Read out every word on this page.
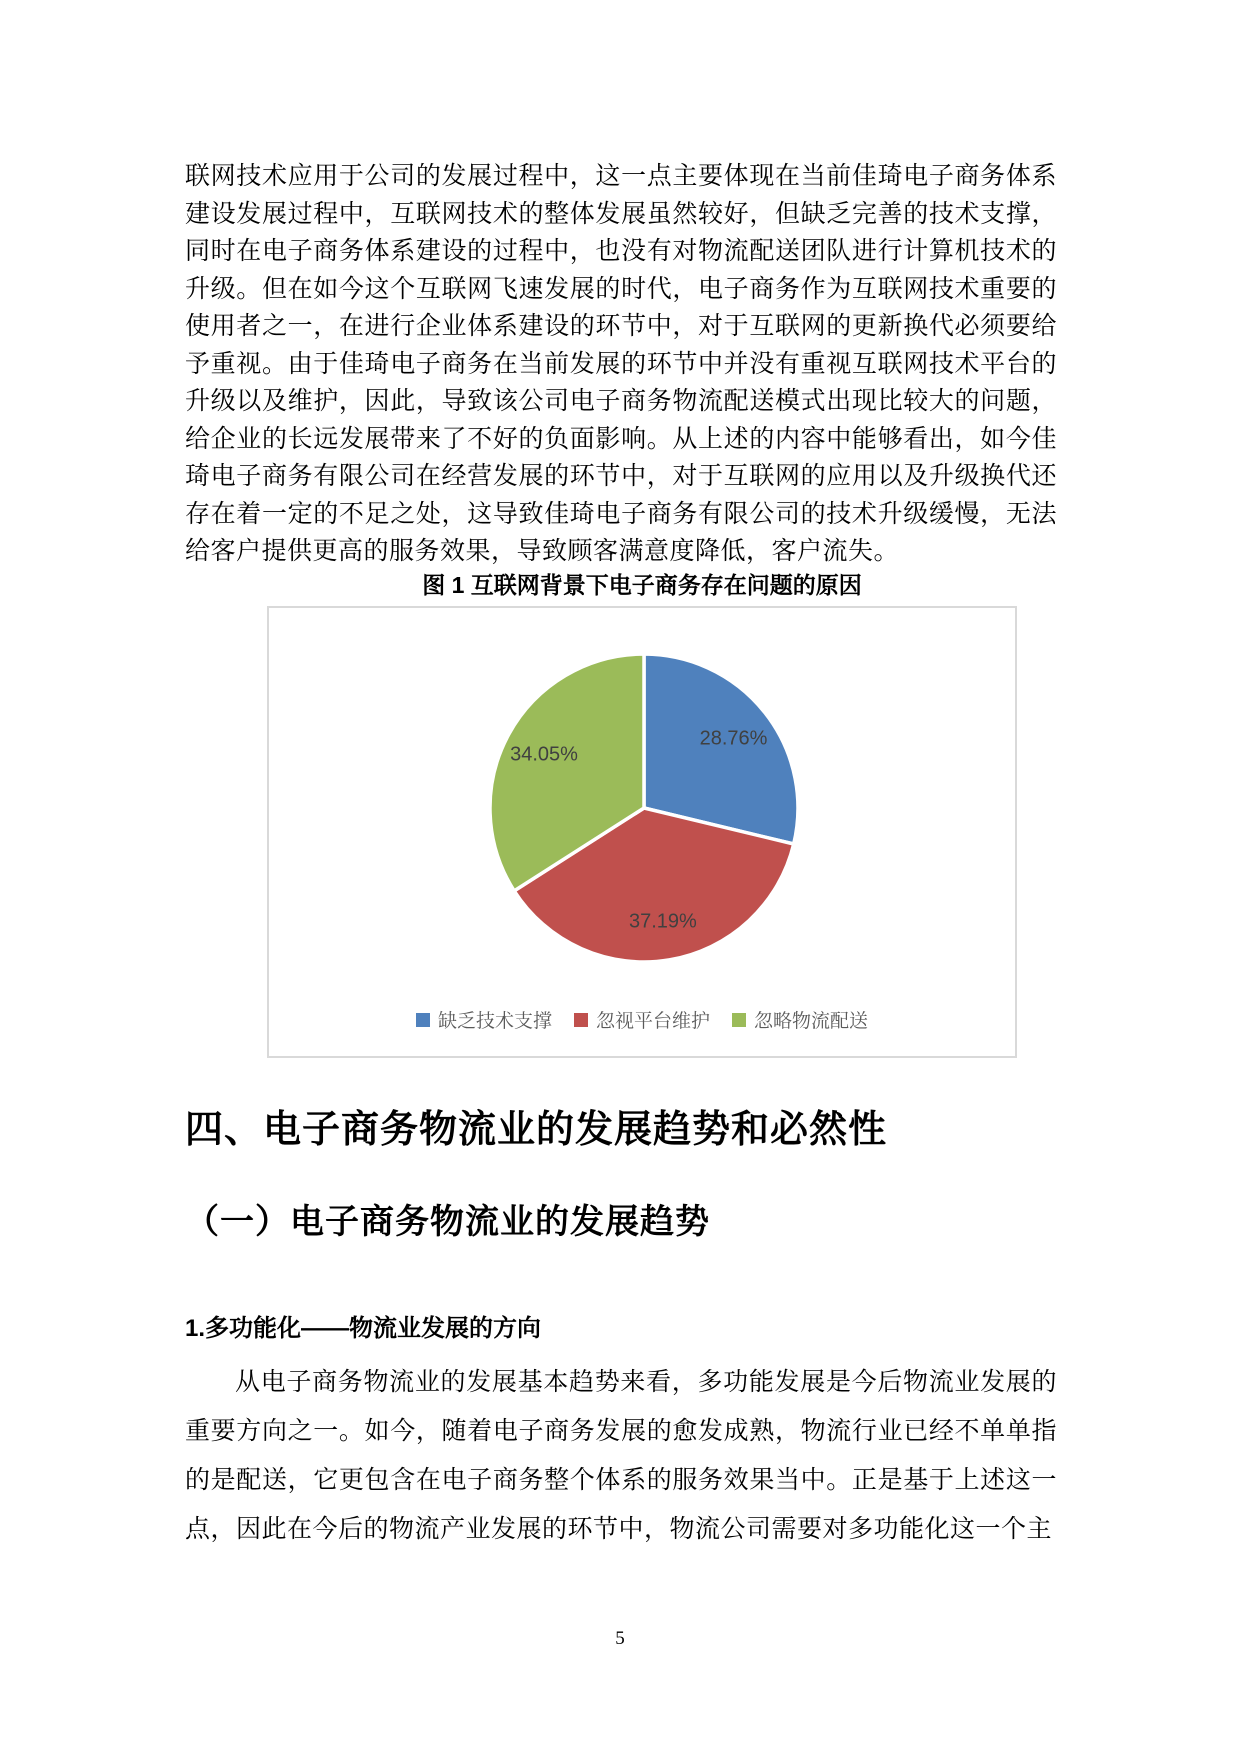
联网技术应用于公司的发展过程中，这一点主要体现在当前佳琦电子商务体系建设发展过程中，互联网技术的整体发展虽然较好，但缺乏完善的技术支撑，同时在电子商务体系建设的过程中，也没有对物流配送团队进行计算机技术的升级。但在如今这个互联网飞速发展的时代，电子商务作为互联网技术重要的使用者之一，在进行企业体系建设的环节中，对于互联网的更新换代必须要给予重视。由于佳琦电子商务在当前发展的环节中并没有重视互联网技术平台的升级以及维护，因此，导致该公司电子商务物流配送模式出现比较大的问题，给企业的长远发展带来了不好的负面影响。从上述的内容中能够看出，如今佳琦电子商务有限公司在经营发展的环节中，对于互联网的应用以及升级换代还存在着一定的不足之处，这导致佳琦电子商务有限公司的技术升级缓慢，无法给客户提供更高的服务效果，导致顾客满意度降低，客户流失。
图 1 互联网背景下电子商务存在问题的原因
28.76%
37.19%
34.05%
缺乏技术支撑 忽视平台维护 忽略物流配送
四、电子商务物流业的发展趋势和必然性
（一）电子商务物流业的发展趋势
1.多功能化——物流业发展的方向
从电子商务物流业的发展基本趋势来看，多功能发展是今后物流业发展的重要方向之一。如今，随着电子商务发展的愈发成熟，物流行业已经不单单指的是配送，它更包含在电子商务整个体系的服务效果当中。正是基于上述这一点，因此在今后的物流产业发展的环节中，物流公司需要对多功能化这一个主
5
